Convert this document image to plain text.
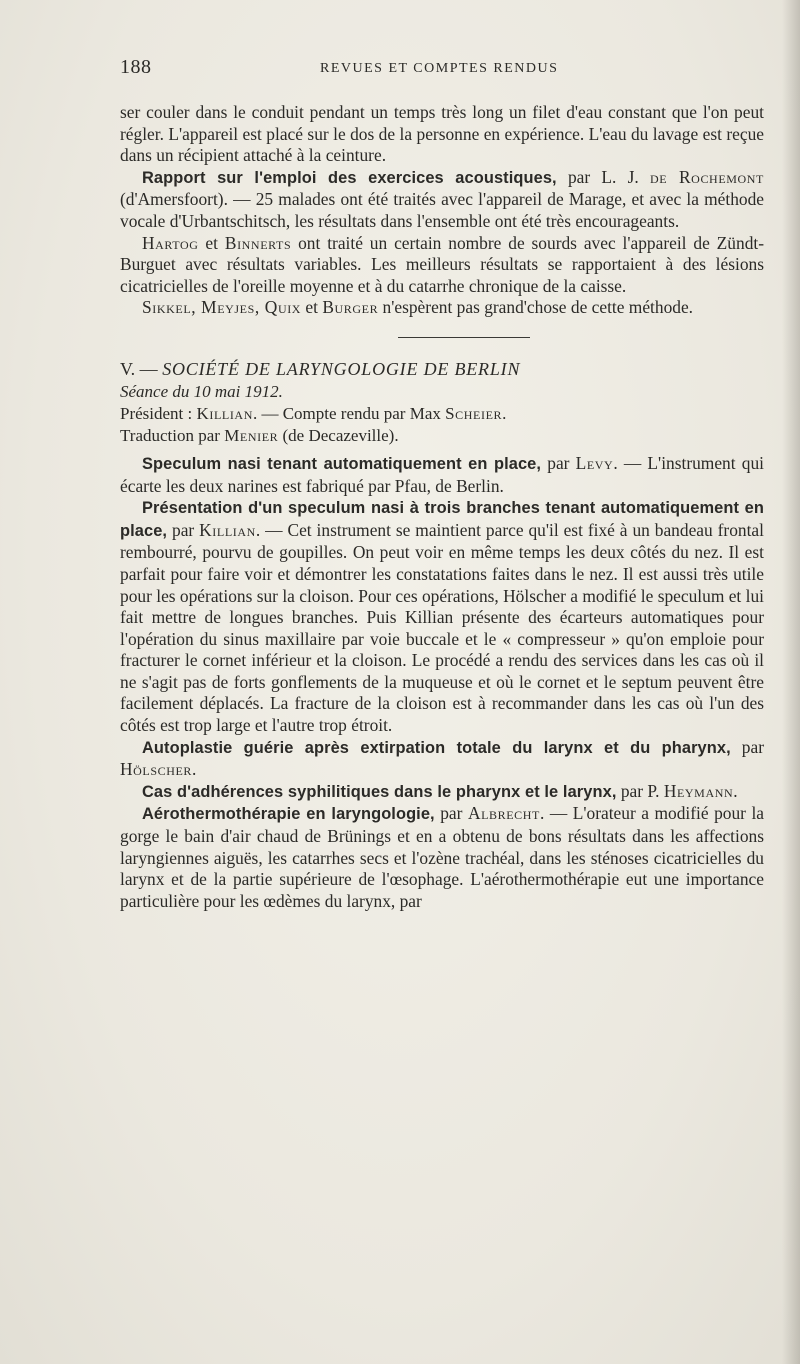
188	REVUES ET COMPTES RENDUS

ser couler dans le conduit pendant un temps très long un filet d'eau constant que l'on peut régler. L'appareil est placé sur le dos de la personne en expérience. L'eau du lavage est reçue dans un récipient attaché à la ceinture.

Rapport sur l'emploi des exercices acoustiques, par L. J. de Rochemont (d'Amersfoort). — 25 malades ont été traités avec l'appareil de Marage, et avec la méthode vocale d'Urbantschitsch, les résultats dans l'ensemble ont été très encourageants.

Hartog et Binnerts ont traité un certain nombre de sourds avec l'appareil de Zündt-Burguet avec résultats variables. Les meilleurs résultats se rapportaient à des lésions cicatricielles de l'oreille moyenne et à du catarrhe chronique de la caisse.

Sikkel, Meyjes, Quix et Burger n'espèrent pas grand'chose de cette méthode.

V. — SOCIÉTÉ DE LARYNGOLOGIE DE BERLIN

Séance du 10 mai 1912.

Président : Killian. — Compte rendu par Max Scheier.

Traduction par Menier (de Decazeville).

Speculum nasi tenant automatiquement en place, par Levy. — L'instrument qui écarte les deux narines est fabriqué par Pfau, de Berlin.

Présentation d'un speculum nasi à trois branches tenant automatiquement en place, par Killian. — Cet instrument se maintient parce qu'il est fixé à un bandeau frontal rembourré, pourvu de goupilles. On peut voir en même temps les deux côtés du nez. Il est parfait pour faire voir et démontrer les constatations faites dans le nez. Il est aussi très utile pour les opérations sur la cloison. Pour ces opérations, Hölscher a modifié le speculum et lui fait mettre de longues branches. Puis Killian présente des écarteurs automatiques pour l'opération du sinus maxillaire par voie buccale et le « compresseur » qu'on emploie pour fracturer le cornet inférieur et la cloison. Le procédé a rendu des services dans les cas où il ne s'agit pas de forts gonflements de la muqueuse et où le cornet et le septum peuvent être facilement déplacés. La fracture de la cloison est à recommander dans les cas où l'un des côtés est trop large et l'autre trop étroit.

Autoplastie guérie après extirpation totale du larynx et du pharynx, par Hölscher.

Cas d'adhérences syphilitiques dans le pharynx et le larynx, par P. Heymann.

Aérothermothérapie en laryngologie, par Albrecht. — L'orateur a modifié pour la gorge le bain d'air chaud de Brünings et en a obtenu de bons résultats dans les affections laryngiennes aiguës, les catarrhes secs et l'ozène trachéal, dans les sténoses cicatricielles du larynx et de la partie supérieure de l'œsophage. L'aérothermothérapie eut une importance particulière pour les œdèmes du larynx, par
